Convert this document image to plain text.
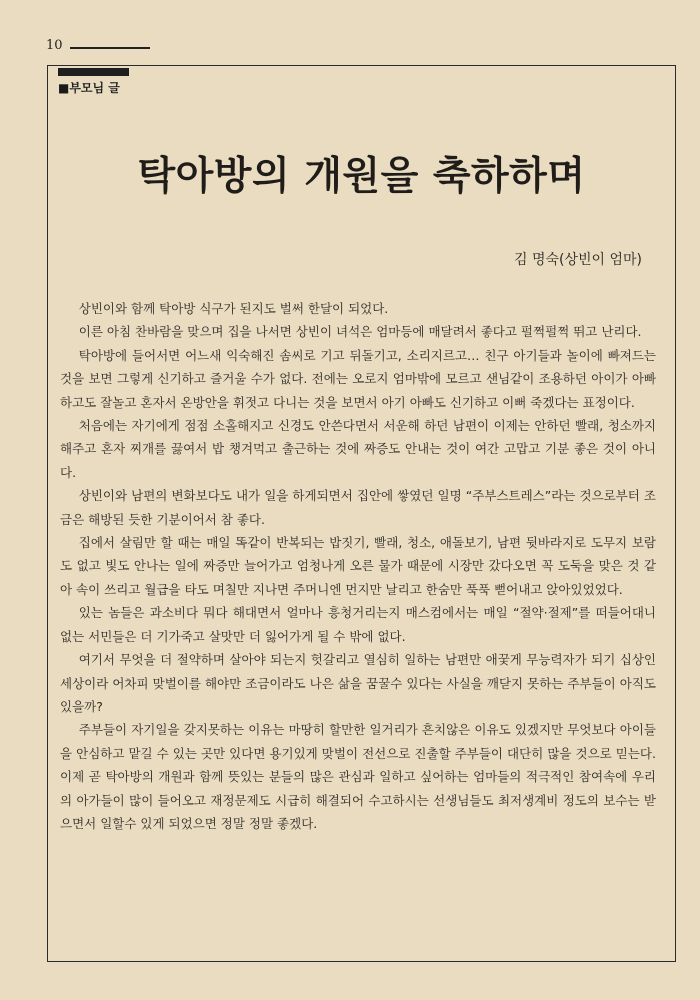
10
■부모님 글
탁아방의 개원을 축하하며
김 명숙(상빈이 엄마)

상빈이와 함께 탁아방 식구가 된지도 벌써 한달이 되었다.

이른 아침 찬바람을 맞으며 집을 나서면 상빈이 녀석은 엄마등에 매달려서 좋다고 펄쩍펄쩍 뛰고 난리다.

탁아방에 들어서면 어느새 익숙해진 솜씨로 기고 뒤돌기고, 소리지르고… 친구 아기들과 놀이에 빠져드는 것을 보면 그렇게 신기하고 즐거울 수가 없다. 전에는 오로지 엄마밖에 모르고 샌님같이 조용하던 아이가 아빠하고도 잘놀고 혼자서 온방안을 휘젓고 다니는 것을 보면서 아기 아빠도 신기하고 이뻐 죽겠다는 표정이다.

처음에는 자기에게 점점 소홀해지고 신경도 안쓴다면서 서운해 하던 남편이 이제는 안하던 빨래, 청소까지 해주고 혼자 찌개를 끓여서 밥 챙겨먹고 출근하는 것에 짜증도 안내는 것이 여간 고맙고 기분 좋은 것이 아니다.

상빈이와 남편의 변화보다도 내가 일을 하게되면서 집안에 쌓였던 일명 “주부스트레스”라는 것으로부터 조금은 해방된 듯한 기분이어서 참 좋다.

집에서 살림만 할 때는 매일 똑같이 반복되는 밥짓기, 빨래, 청소, 애돌보기, 남편 뒷바라지로 도무지 보람도 없고 빛도 안나는 일에 짜증만 늘어가고 엄청나게 오른 물가 때문에 시장만 갔다오면 꼭 도둑을 맞은 것 같아 속이 쓰리고 월급을 타도 며칠만 지나면 주머니엔 먼지만 날리고 한숨만 푹푹 뻗어내고 앉아있었었다.

있는 놈들은 과소비다 뭐다 해대면서 얼마나 흥청거리는지 매스컴에서는 매일 “절약·절제”를 떠들어대니 없는 서민들은 더 기가죽고 살맛만 더 잃어가게 될 수 밖에 없다.

여기서 무엇을 더 절약하며 살아야 되는지 헛갈리고 열심히 일하는 남편만 애꿎게 무능력자가 되기 십상인 세상이라 어차피 맞벌이를 해야만 조금이라도 나은 삶을 꿈꿀수 있다는 사실을 깨닫지 못하는 주부들이 아직도 있을까?

주부들이 자기일을 갖지못하는 이유는 마땅히 할만한 일거리가 흔치않은 이유도 있겠지만 무엇보다 아이들을 안심하고 맡길 수 있는 곳만 있다면 용기있게 맞벌이 전선으로 진출할 주부들이 대단히 많을 것으로 믿는다. 이제 곧 탁아방의 개원과 함께 뜻있는 분들의 많은 관심과 일하고 싶어하는 엄마들의 적극적인 참여속에 우리의 아가들이 많이 들어오고 재정문제도 시급히 해결되어 수고하시는 선생님들도 최저생계비 정도의 보수는 받으면서 일할수 있게 되었으면 정말 정말 좋겠다.
